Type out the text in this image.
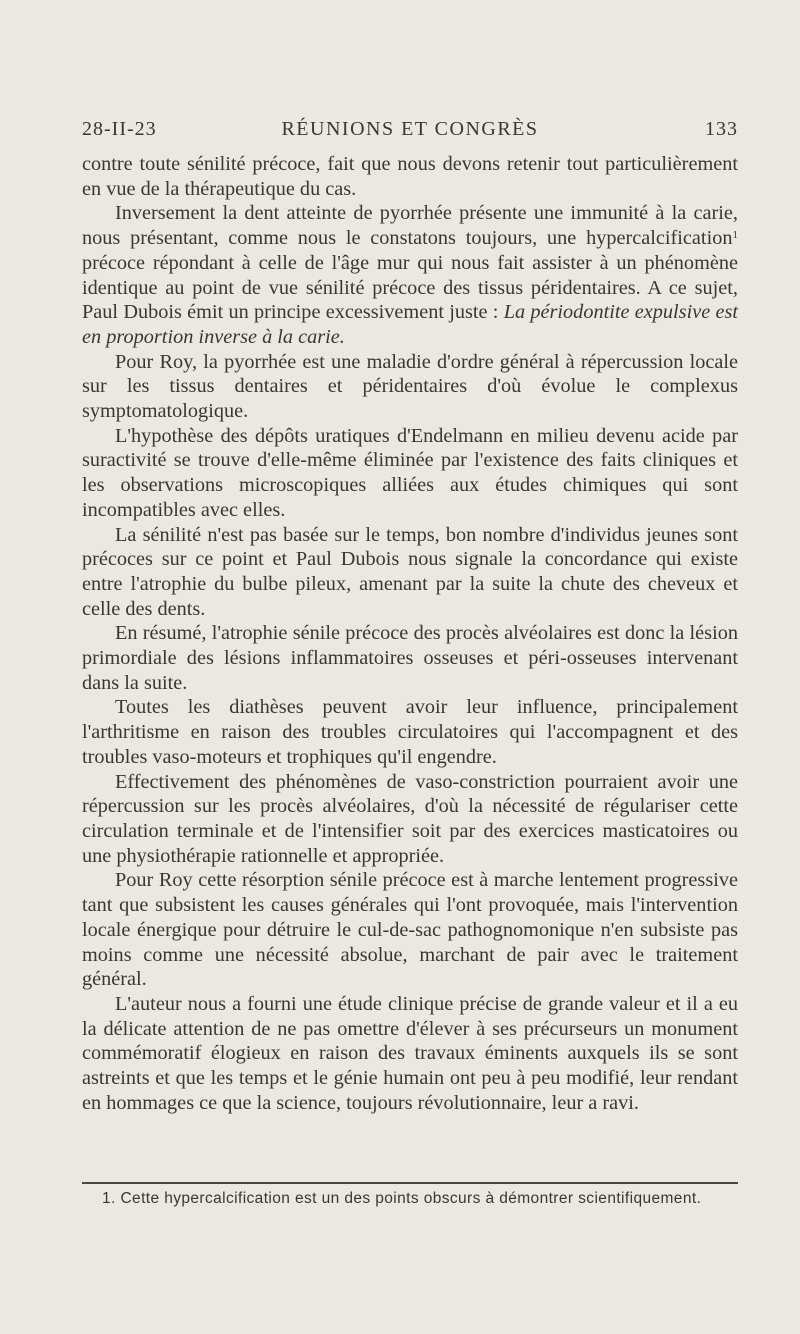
28-II-23	RÉUNIONS ET CONGRÈS	133

contre toute sénilité précoce, fait que nous devons retenir tout particulièrement en vue de la thérapeutique du cas.

Inversement la dent atteinte de pyorrhée présente une immunité à la carie, nous présentant, comme nous le constatons toujours, une hypercalcification$^1$ précoce répondant à celle de l'âge mur qui nous fait assister à un phénomène identique au point de vue sénilité précoce des tissus péridentaires. A ce sujet, Paul Dubois émit un principe excessivement juste : La périodontite expulsive est en proportion inverse à la carie.

Pour Roy, la pyorrhée est une maladie d'ordre général à répercussion locale sur les tissus dentaires et péridentaires d'où évolue le complexus symptomatologique.

L'hypothèse des dépôts uratiques d'Endelmann en milieu devenu acide par suractivité se trouve d'elle-même éliminée par l'existence des faits cliniques et les observations microscopiques alliées aux études chimiques qui sont incompatibles avec elles.

La sénilité n'est pas basée sur le temps, bon nombre d'individus jeunes sont précoces sur ce point et Paul Dubois nous signale la concordance qui existe entre l'atrophie du bulbe pileux, amenant par la suite la chute des cheveux et celle des dents.

En résumé, l'atrophie sénile précoce des procès alvéolaires est donc la lésion primordiale des lésions inflammatoires osseuses et péri-osseuses intervenant dans la suite.

Toutes les diathèses peuvent avoir leur influence, principalement l'arthritisme en raison des troubles circulatoires qui l'accompagnent et des troubles vaso-moteurs et trophiques qu'il engendre.

Effectivement des phénomènes de vaso-constriction pourraient avoir une répercussion sur les procès alvéolaires, d'où la nécessité de régulariser cette circulation terminale et de l'intensifier soit par des exercices masticatoires ou une physiothérapie rationnelle et appropriée.

Pour Roy cette résorption sénile précoce est à marche lentement progressive tant que subsistent les causes générales qui l'ont provoquée, mais l'intervention locale énergique pour détruire le cul-de-sac pathognomonique n'en subsiste pas moins comme une nécessité absolue, marchant de pair avec le traitement général.

L'auteur nous a fourni une étude clinique précise de grande valeur et il a eu la délicate attention de ne pas omettre d'élever à ses précurseurs un monument commémoratif élogieux en raison des travaux éminents auxquels ils se sont astreints et que les temps et le génie humain ont peu à peu modifié, leur rendant en hommages ce que la science, toujours révolutionnaire, leur a ravi.

1. Cette hypercalcification est un des points obscurs à démontrer scientifiquement.
